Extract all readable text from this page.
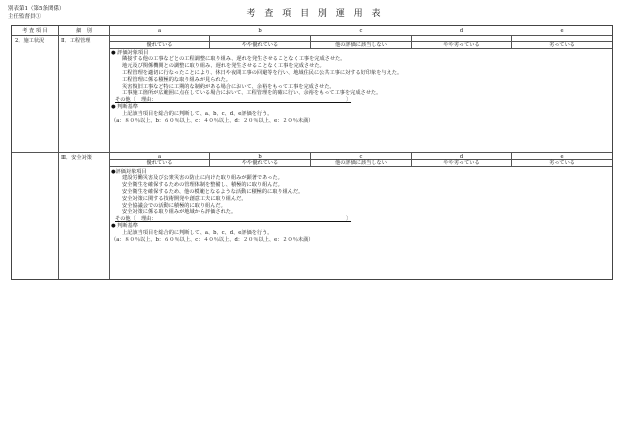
別表第1（第5条関係）
主任監督員①	考 査 項 目 別 運 用 表
考 査 項 目	細　別	a	b	c	d	e
2．施工状況	Ⅱ．工程管理
優れている	やや優れている	他の評価に該当しない	やや劣っている	劣っている
● 評価対象項目
隣接する他の工事などとの工程調整に取り組み、遅れを発生させることなく工事を完成させた。
地元及び関係機関との調整に取り組み、遅れを発生させることなく工事を完成させた。
工程管理を適切に行なったことにより、休日や夜間工事の回避等を行い、地域住民に公共工事に対する好印象を与えた。
工程管理に係る積極的な取り組みが見られた。
災害復旧工事など特に工期的な制約がある場合において、余裕をもって工事を完成させた。
工事施工箇所が広範囲に点在している場合において、工程管理を的確に行い、余裕をもって工事を完成させた。
その他〔　理由：　　　　　　　　　　　　　　　　　　　　　　　　　　　　　　　　　　　　　〕
● 判断基準
上記該当項目を総合的に判断して、a、b、c、d、e評価を行う。
（a：８０％以上、b：６０％以上、c：４０％以上、d：２０％以上、e：２０％未満）
Ⅲ．安全対策	a	b	c	d	e
優れている	やや優れている	他の評価に該当しない	やや劣っている	劣っている
●評価対象項目
建設労働災害及び公衆災害の防止に向けた取り組みが顕著であった。
安全衛生を確保するための管理体制を整備し、積極的に取り組んだ。
安全衛生を確保するため、他の模範となるような活動に積極的に取り組んだ。
安全対策に関する技術開発や創意工夫に取り組んだ。
安全協議会での活動に積極的に取り組んだ。
安全対策に係る取り組みが地域から評価された。
その他〔　理由：　　　　　　　　　　　　　　　　　　　　　　　　　　　　　　　　　　　　　〕
● 判断基準
上記該当項目を総合的に判断して、a、b、c、d、e評価を行う。
（a：８０％以上、b：６０％以上、c：４０％以上、d：２０％以上、e：２０％未満）
